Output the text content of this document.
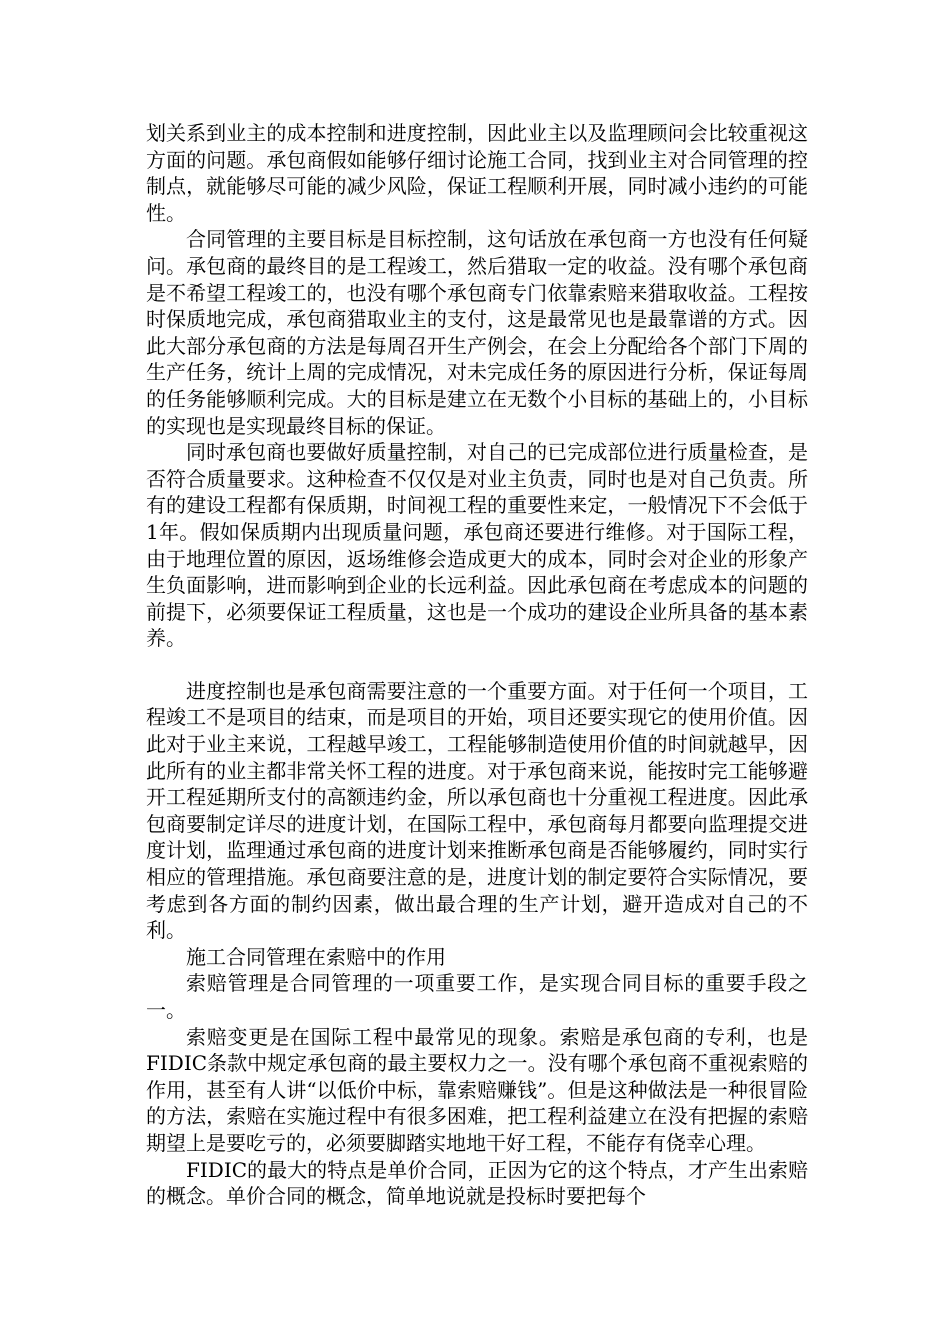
划关系到业主的成本控制和进度控制，因此业主以及监理顾问会比较重视这方面的问题。承包商假如能够仔细讨论施工合同，找到业主对合同管理的控制点，就能够尽可能的减少风险，保证工程顺利开展，同时减小违约的可能性。

合同管理的主要目标是目标控制，这句话放在承包商一方也没有任何疑问。承包商的最终目的是工程竣工，然后猎取一定的收益。没有哪个承包商是不希望工程竣工的，也没有哪个承包商专门依靠索赔来猎取收益。工程按时保质地完成，承包商猎取业主的支付，这是最常见也是最靠谱的方式。因此大部分承包商的方法是每周召开生产例会，在会上分配给各个部门下周的生产任务，统计上周的完成情况，对未完成任务的原因进行分析，保证每周的任务能够顺利完成。大的目标是建立在无数个小目标的基础上的，小目标的实现也是实现最终目标的保证。

同时承包商也要做好质量控制，对自己的已完成部位进行质量检查，是否符合质量要求。这种检查不仅仅是对业主负责，同时也是对自己负责。所有的建设工程都有保质期，时间视工程的重要性来定，一般情况下不会低于1年。假如保质期内出现质量问题，承包商还要进行维修。对于国际工程，由于地理位置的原因，返场维修会造成更大的成本，同时会对企业的形象产生负面影响，进而影响到企业的长远利益。因此承包商在考虑成本的问题的前提下，必须要保证工程质量，这也是一个成功的建设企业所具备的基本素养。

进度控制也是承包商需要注意的一个重要方面。对于任何一个项目，工程竣工不是项目的结束，而是项目的开始，项目还要实现它的使用价值。因此对于业主来说，工程越早竣工，工程能够制造使用价值的时间就越早，因此所有的业主都非常关怀工程的进度。对于承包商来说，能按时完工能够避开工程延期所支付的高额违约金，所以承包商也十分重视工程进度。因此承包商要制定详尽的进度计划，在国际工程中，承包商每月都要向监理提交进度计划，监理通过承包商的进度计划来推断承包商是否能够履约，同时实行相应的管理措施。承包商要注意的是，进度计划的制定要符合实际情况，要考虑到各方面的制约因素，做出最合理的生产计划，避开造成对自己的不利。

施工合同管理在索赔中的作用

索赔管理是合同管理的一项重要工作，是实现合同目标的重要手段之一。

索赔变更是在国际工程中最常见的现象。索赔是承包商的专利，也是FIDIC条款中规定承包商的最主要权力之一。没有哪个承包商不重视索赔的作用，甚至有人讲“以低价中标，靠索赔赚钱”。但是这种做法是一种很冒险的方法，索赔在实施过程中有很多困难，把工程利益建立在没有把握的索赔期望上是要吃亏的，必须要脚踏实地地干好工程，不能存有侥幸心理。

FIDIC的最大的特点是单价合同，正因为它的这个特点，才产生出索赔的概念。单价合同的概念，简单地说就是投标时要把每个
